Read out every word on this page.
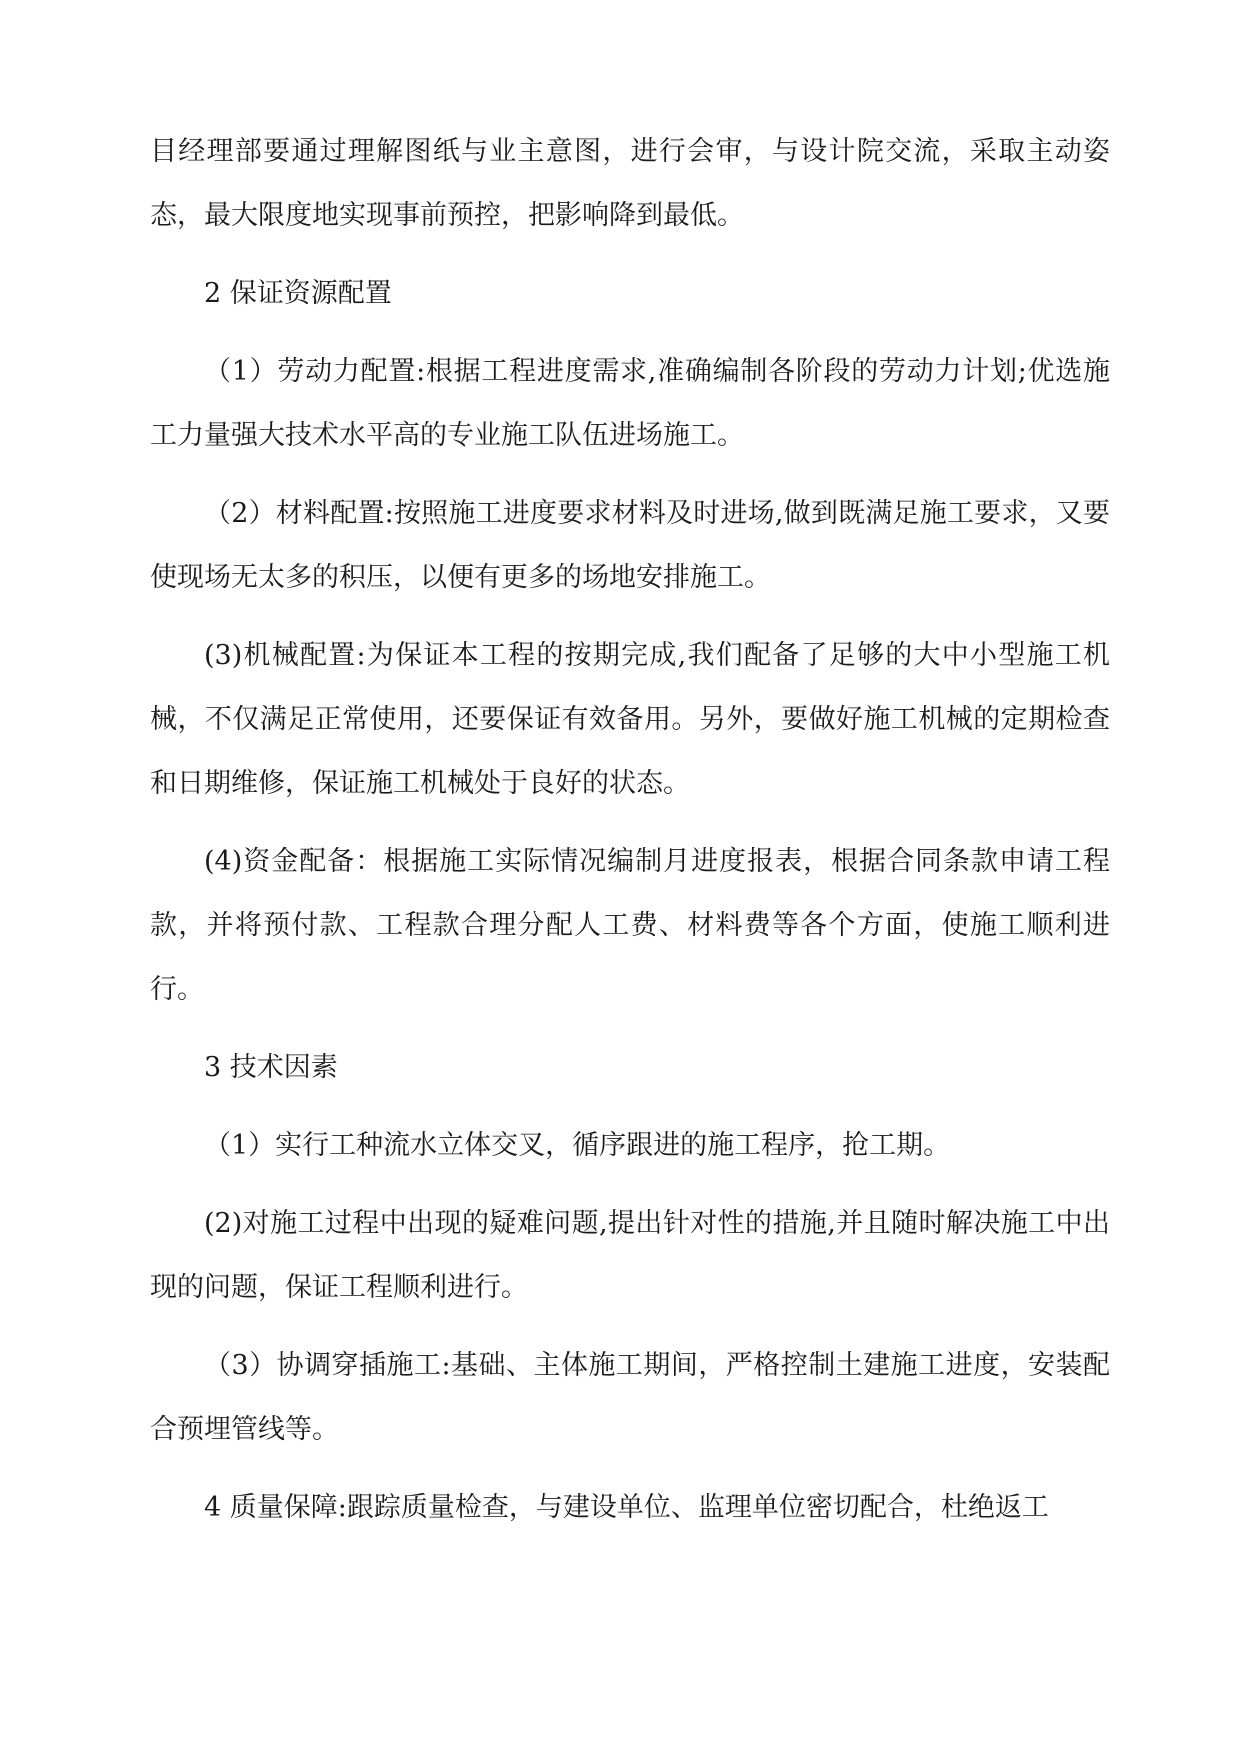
目经理部要通过理解图纸与业主意图，进行会审，与设计院交流，采取主动姿态，最大限度地实现事前预控，把影响降到最低。

2 保证资源配置

（1）劳动力配置:根据工程进度需求,准确编制各阶段的劳动力计划;优选施工力量强大技术水平高的专业施工队伍进场施工。

（2）材料配置:按照施工进度要求材料及时进场,做到既满足施工要求，又要使现场无太多的积压，以便有更多的场地安排施工。

(3)机械配置:为保证本工程的按期完成,我们配备了足够的大中小型施工机械，不仅满足正常使用，还要保证有效备用。另外，要做好施工机械的定期检查和日期维修，保证施工机械处于良好的状态。

(4)资金配备：根据施工实际情况编制月进度报表，根据合同条款申请工程款，并将预付款、工程款合理分配人工费、材料费等各个方面，使施工顺利进行。

3 技术因素

（1）实行工种流水立体交叉，循序跟进的施工程序，抢工期。

(2)对施工过程中出现的疑难问题,提出针对性的措施,并且随时解决施工中出现的问题，保证工程顺利进行。

（3）协调穿插施工:基础、主体施工期间，严格控制土建施工进度，安装配合预埋管线等。

4 质量保障:跟踪质量检查，与建设单位、监理单位密切配合，杜绝返工
